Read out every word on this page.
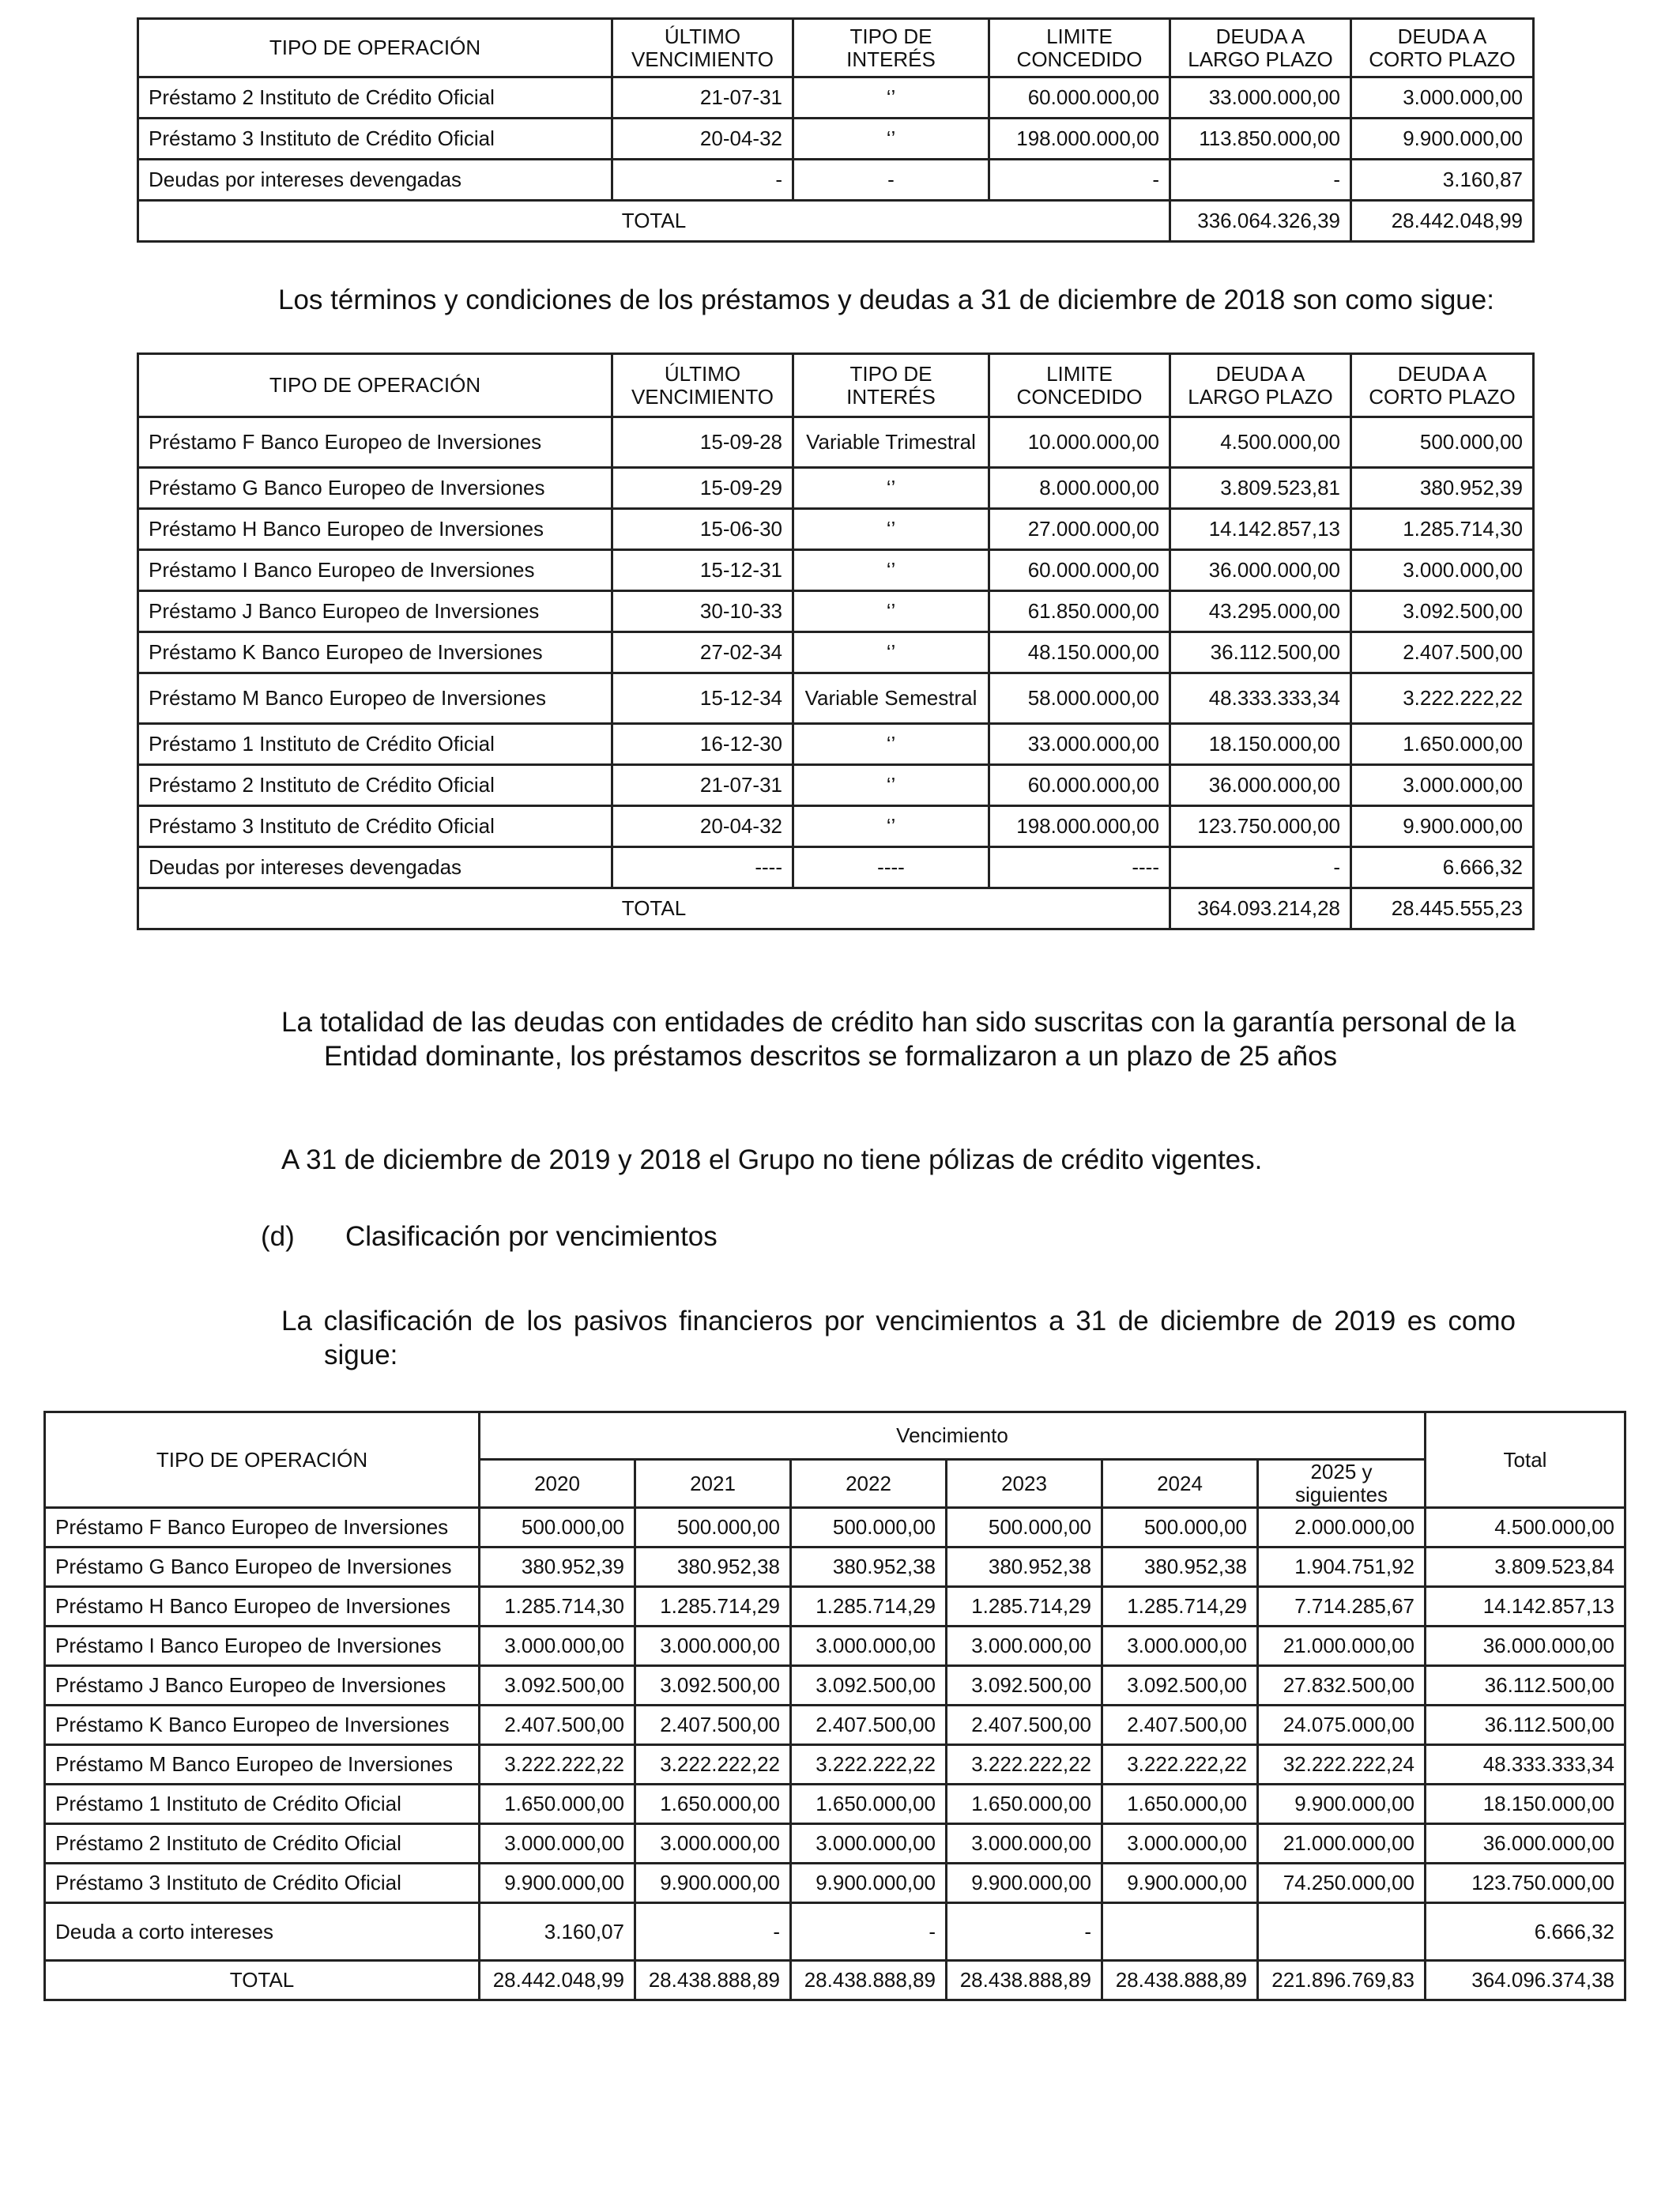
TIPO DE OPERACIÓN	ÚLTIMO VENCIMIENTO	TIPO DE INTERÉS	LIMITE CONCEDIDO	DEUDA A LARGO PLAZO	DEUDA A CORTO PLAZO
Préstamo 2 Instituto de Crédito Oficial	21-07-31	‘’	60.000.000,00	33.000.000,00	3.000.000,00
Préstamo 3 Instituto de Crédito Oficial	20-04-32	‘’	198.000.000,00	113.850.000,00	9.900.000,00
Deudas por intereses devengadas	-	-	-	-	3.160,87
TOTAL				336.064.326,39	28.442.048,99
Los términos y condiciones de los préstamos y deudas a 31 de diciembre de 2018 son como sigue:
TIPO DE OPERACIÓN	ÚLTIMO VENCIMIENTO	TIPO DE INTERÉS	LIMITE CONCEDIDO	DEUDA A LARGO PLAZO	DEUDA A CORTO PLAZO
Préstamo F Banco Europeo de Inversiones	15-09-28	Variable Trimestral	10.000.000,00	4.500.000,00	500.000,00
Préstamo G Banco Europeo de Inversiones	15-09-29	‘’	8.000.000,00	3.809.523,81	380.952,39
Préstamo H Banco Europeo de Inversiones	15-06-30	‘’	27.000.000,00	14.142.857,13	1.285.714,30
Préstamo I Banco Europeo de Inversiones	15-12-31	‘’	60.000.000,00	36.000.000,00	3.000.000,00
Préstamo J Banco Europeo de Inversiones	30-10-33	‘’	61.850.000,00	43.295.000,00	3.092.500,00
Préstamo K Banco Europeo de Inversiones	27-02-34	‘’	48.150.000,00	36.112.500,00	2.407.500,00
Préstamo M Banco Europeo de Inversiones	15-12-34	Variable Semestral	58.000.000,00	48.333.333,34	3.222.222,22
Préstamo 1 Instituto de Crédito Oficial	16-12-30	‘’	33.000.000,00	18.150.000,00	1.650.000,00
Préstamo 2 Instituto de Crédito Oficial	21-07-31	‘’	60.000.000,00	36.000.000,00	3.000.000,00
Préstamo 3 Instituto de Crédito Oficial	20-04-32	‘’	198.000.000,00	123.750.000,00	9.900.000,00
Deudas por intereses devengadas	----	----	----	-	6.666,32
TOTAL				364.093.214,28	28.445.555,23
La totalidad de las deudas con entidades de crédito han sido suscritas con la garantía personal de la Entidad dominante, los préstamos descritos se formalizaron a un plazo de 25 años
A 31 de diciembre de 2019 y 2018 el Grupo no tiene pólizas de crédito vigentes.
(d) Clasificación por vencimientos
La clasificación de los pasivos financieros por vencimientos a 31 de diciembre de 2019 es como sigue:
TIPO DE OPERACIÓN	Vencimiento						Total
	2020	2021	2022	2023	2024	2025 y siguientes	
Préstamo F Banco Europeo de Inversiones	500.000,00	500.000,00	500.000,00	500.000,00	500.000,00	2.000.000,00	4.500.000,00
Préstamo G Banco Europeo de Inversiones	380.952,39	380.952,38	380.952,38	380.952,38	380.952,38	1.904.751,92	3.809.523,84
Préstamo H Banco Europeo de Inversiones	1.285.714,30	1.285.714,29	1.285.714,29	1.285.714,29	1.285.714,29	7.714.285,67	14.142.857,13
Préstamo I Banco Europeo de Inversiones	3.000.000,00	3.000.000,00	3.000.000,00	3.000.000,00	3.000.000,00	21.000.000,00	36.000.000,00
Préstamo J Banco Europeo de Inversiones	3.092.500,00	3.092.500,00	3.092.500,00	3.092.500,00	3.092.500,00	27.832.500,00	36.112.500,00
Préstamo K Banco Europeo de Inversiones	2.407.500,00	2.407.500,00	2.407.500,00	2.407.500,00	2.407.500,00	24.075.000,00	36.112.500,00
Préstamo M Banco Europeo de Inversiones	3.222.222,22	3.222.222,22	3.222.222,22	3.222.222,22	3.222.222,22	32.222.222,24	48.333.333,34
Préstamo 1 Instituto de Crédito Oficial	1.650.000,00	1.650.000,00	1.650.000,00	1.650.000,00	1.650.000,00	9.900.000,00	18.150.000,00
Préstamo 2 Instituto de Crédito Oficial	3.000.000,00	3.000.000,00	3.000.000,00	3.000.000,00	3.000.000,00	21.000.000,00	36.000.000,00
Préstamo 3 Instituto de Crédito Oficial	9.900.000,00	9.900.000,00	9.900.000,00	9.900.000,00	9.900.000,00	74.250.000,00	123.750.000,00
Deuda a corto intereses	3.160,07	-	-	-			6.666,32
TOTAL	28.442.048,99	28.438.888,89	28.438.888,89	28.438.888,89	28.438.888,89	221.896.769,83	364.096.374,38
